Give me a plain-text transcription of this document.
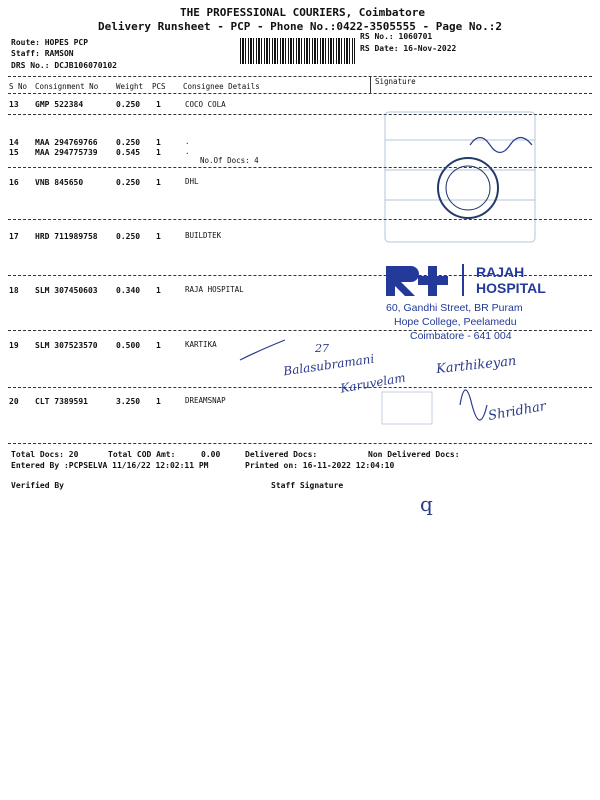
THE PROFESSIONAL COURIERS, Coimbatore
Delivery Runsheet - PCP - Phone No.:0422-3505555 - Page No.:2
Route: HOPES PCP
Staff: RAMSON
DRS No.: DCJB106070102
RS No.: 1060701
RS Date: 16-Nov-2022
S No Consignment No Weight PCS Consignee Details
Signature
13 GMP 522384	0.250 1	COCO COLA
14 MAA 294769766 0.250 1	.
15 MAA 294775739 0.545 1	.
No.Of Docs: 4
16 VNB 845650	0.250 1	DHL
17 HRD 711989758 0.250 1	BUILDTEK
18 SLM 307450603 0.340 1	RAJA HOSPITAL
19 SLM 307523570 0.500 1	KARTIKA
20 CLT 7389591	3.250 1	DREAMSNAP
Total Docs: 20	Total COD Amt:	0.00	Delivered Docs:	Non Delivered Docs:
Entered By :PCPSELVA 11/16/22 12:02:11 PM	Printed on: 16-11-2022 12:04:10
Verified By	Staff Signature
RAJAH
HOSPITAL
60, Gandhi Street, BR Puram
Hope College, Peelamedu
Coimbatore - 641 004
27
Balasubramani
Karuvelam
Karthikeyan
Shridhar
q
